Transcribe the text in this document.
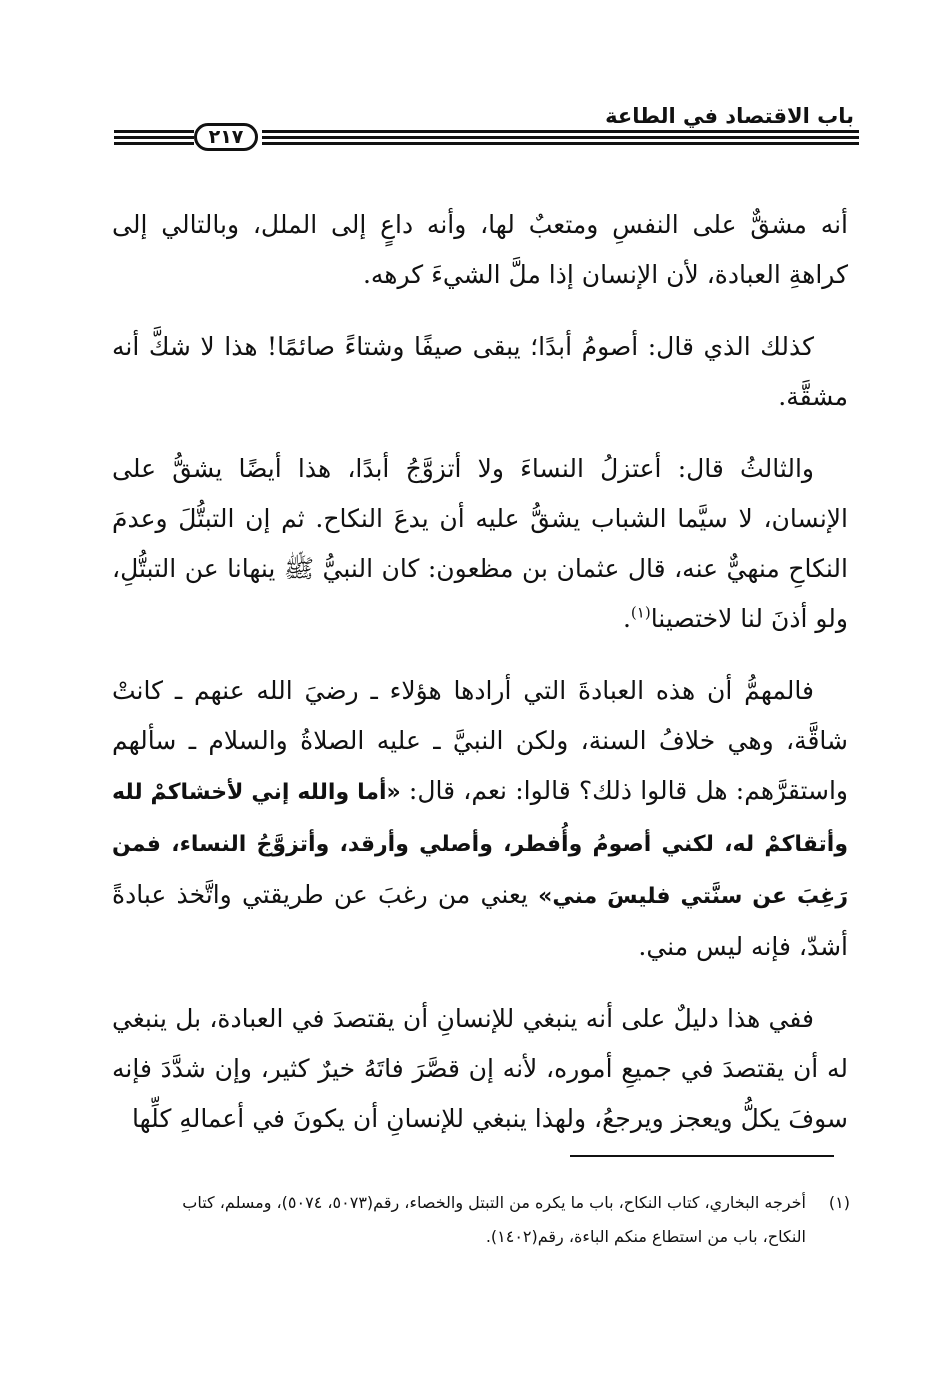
باب الاقتصاد في الطاعة
٢١٧

أنه مشقٌّ على النفسِ ومتعبٌ لها، وأنه داعٍ إلى الملل، وبالتالي إلى كراهةِ العبادة، لأن الإنسان إذا ملَّ الشيءَ كرهه.

كذلك الذي قال: أصومُ أبدًا؛ يبقى صيفًا وشتاءً صائمًا! هذا لا شكَّ أنه مشقَّة.

والثالثُ قال: أعتزلُ النساءَ ولا أتزوَّجُ أبدًا، هذا أيضًا يشقُّ على الإنسان، لا سيَّما الشباب يشقُّ عليه أن يدعَ النكاح. ثم إن التبتُّلَ وعدمَ النكاحِ منهيٌّ عنه، قال عثمان بن مظعون: كان النبيُّ ﷺ ينهانا عن التبتُّلِ، ولو أذنَ لنا لاختصينا$^{(١)}$.

فالمهمُّ أن هذه العبادةَ التي أرادها هؤلاء ـ رضيَ الله عنهم ـ كانتْ شاقَّة، وهي خلافُ السنة، ولكن النبيَّ ـ عليه الصلاةُ والسلام ـ سألهم واستقرَّهم: هل قالوا ذلك؟ قالوا: نعم، قال: «أما والله إني لأخشاكمْ لله وأتقاكمْ له، لكني أصومُ وأُفطر، وأصلي وأرقد، وأتزوَّجُ النساء، فمن رَغِبَ عن سنَّتي فليسَ مني» يعني من رغبَ عن طريقتي واتَّخذ عبادةً أشدّ، فإنه ليس مني.

ففي هذا دليلٌ على أنه ينبغي للإنسانِ أن يقتصدَ في العبادة، بل ينبغي له أن يقتصدَ في جميعِ أموره، لأنه إن قصَّرَ فاتَهُ خيرٌ كثير، وإن شدَّدَ فإنه سوفَ يكلُّ ويعجز ويرجعُ، ولهذا ينبغي للإنسانِ أن يكونَ في أعمالهِ كلِّها

(١)
أخرجه البخاري، كتاب النكاح، باب ما يكره من التبتل والخصاء، رقم(٥٠٧٣، ٥٠٧٤)، ومسلم، كتاب النكاح، باب من استطاع منكم الباءة، رقم(١٤٠٢).
